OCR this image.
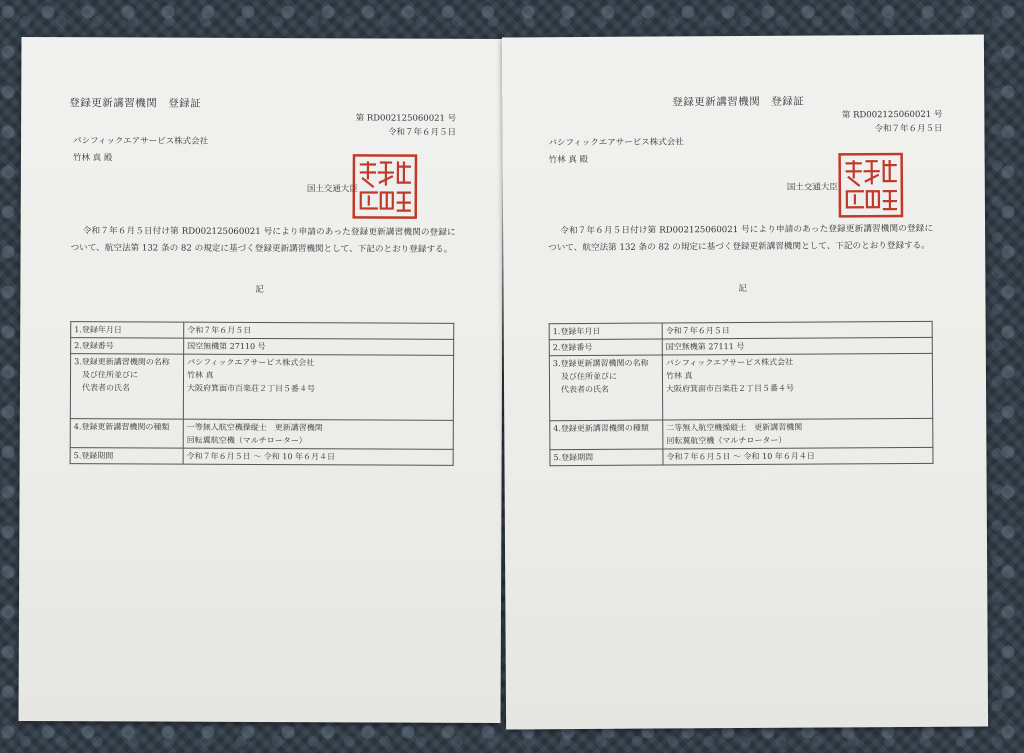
登録更新講習機関　登録証
第 RD002125060021 号
令和７年６月５日
パシフィックエアサービス株式会社
竹林 真 殿
国土交通大臣
令和７年６月５日付け第 RD002125060021 号により申請のあった登録更新講習機関の登録について、航空法第 132 条の 82 の規定に基づく登録更新講習機関として、下記のとおり登録する。
記
1.登録年月日	令和７年６月５日

2.登録番号	国空無機第 27110 号

3.登録更新講習機関の名称
及び住所並びに
代表者の氏名	パシフィックエアサービス株式会社
竹林 真
大阪府箕面市百楽荘２丁目５番４号

4.登録更新講習機関の種類	一等無人航空機操縦士　更新講習機関
回転翼航空機（マルチローター）

5.登録期間	令和７年６月５日 ～ 令和 10 年６月４日
登録更新講習機関　登録証
第 RD002125060021 号
令和７年６月５日
パシフィックエアサービス株式会社
竹林 真 殿
国土交通大臣
令和７年６月５日付け第 RD002125060021 号により申請のあった登録更新講習機関の登録について、航空法第 132 条の 82 の規定に基づく登録更新講習機関として、下記のとおり登録する。
記
1.登録年月日	令和７年６月５日

2.登録番号	国空無機第 27111 号

3.登録更新講習機関の名称
及び住所並びに
代表者の氏名	パシフィックエアサービス株式会社
竹林 真
大阪府箕面市百楽荘２丁目５番４号

4.登録更新講習機関の種類	二等無人航空機操縦士　更新講習機関
回転翼航空機（マルチローター）

5.登録期間	令和７年６月５日 ～ 令和 10 年６月４日
